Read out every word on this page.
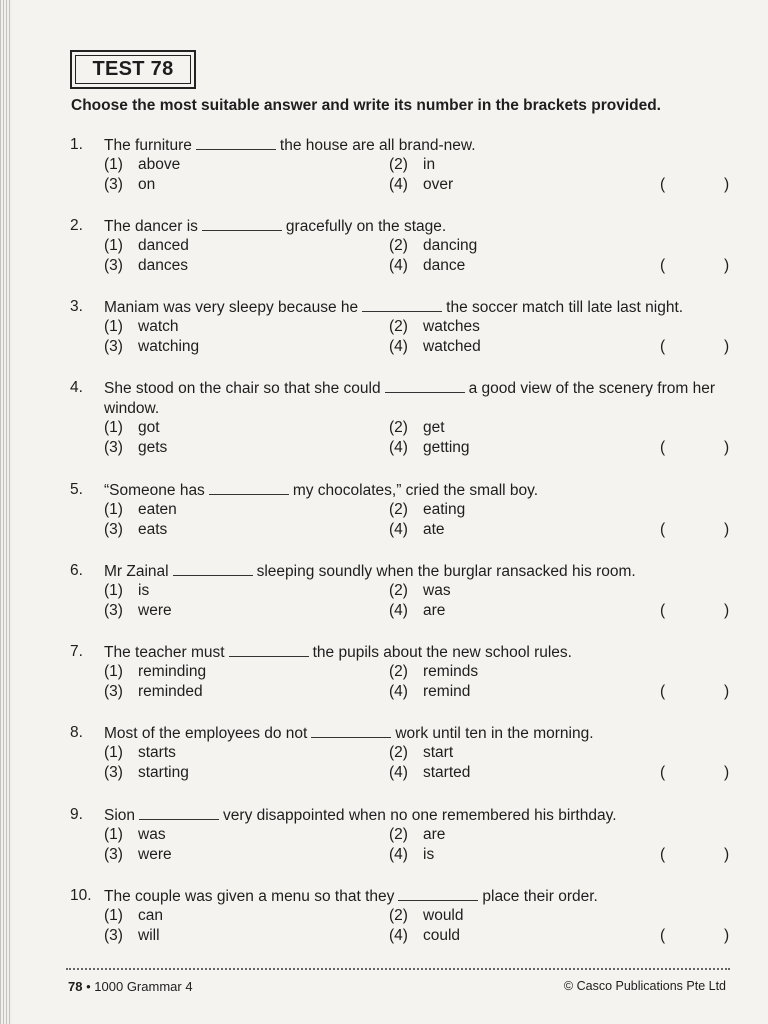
TEST 78
Choose the most suitable answer and write its number in the brackets provided.
1. The furniture	the house are all brand-new.
(1) above	(2) in
(3) on	(4) over	(	)
2. The dancer is	gracefully on the stage.
(1) danced	(2) dancing
(3) dances	(4) dance	(	)
3. Maniam was very sleepy because he	the soccer match till late last night.
(1) watch	(2) watches
(3) watching	(4) watched	(	)
4. She stood on the chair so that she could	a good view of the scenery from her window.
(1) got	(2) get
(3) gets	(4) getting	(	)
5. “Someone has	my chocolates,” cried the small boy.
(1) eaten	(2) eating
(3) eats	(4) ate	(	)
6. Mr Zainal	sleeping soundly when the burglar ransacked his room.
(1) is	(2) was
(3) were	(4) are	(	)
7. The teacher must	the pupils about the new school rules.
(1) reminding	(2) reminds
(3) reminded	(4) remind	(	)
8. Most of the employees do not	work until ten in the morning.
(1) starts	(2) start
(3) starting	(4) started	(	)
9. Sion	very disappointed when no one remembered his birthday.
(1) was	(2) are
(3) were	(4) is	(	)
10. The couple was given a menu so that they	place their order.
(1) can	(2) would
(3) will	(4) could	(	)
78 • 1000 Grammar 4	© Casco Publications Pte Ltd
